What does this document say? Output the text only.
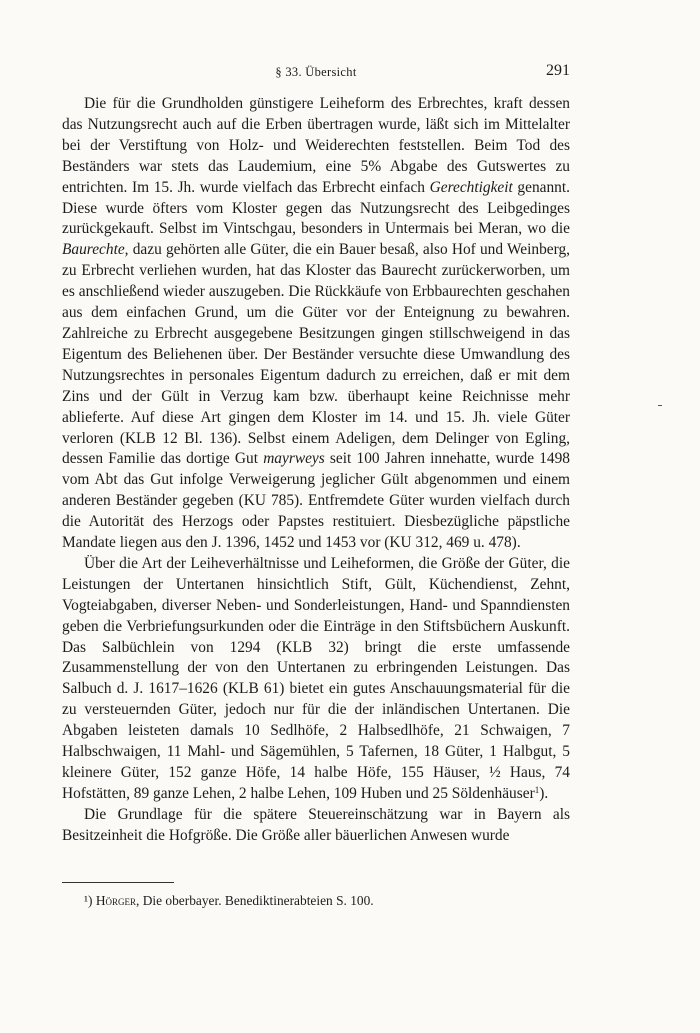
§ 33. Übersicht	291

Die für die Grundholden günstigere Leiheform des Erbrechtes, kraft dessen das Nutzungsrecht auch auf die Erben übertragen wurde, läßt sich im Mittelalter bei der Verstiftung von Holz- und Weiderechten feststellen. Beim Tod des Beständers war stets das Laudemium, eine 5% Abgabe des Gutswertes zu entrichten. Im 15. Jh. wurde vielfach das Erbrecht einfach Gerechtigkeit genannt. Diese wurde öfters vom Kloster gegen das Nutzungsrecht des Leibgedinges zurückgekauft. Selbst im Vintschgau, besonders in Untermais bei Meran, wo die Baurechte, dazu gehörten alle Güter, die ein Bauer besaß, also Hof und Weinberg, zu Erbrecht verliehen wurden, hat das Kloster das Baurecht zurückerworben, um es anschließend wieder auszugeben. Die Rückkäufe von Erbbaurechten geschahen aus dem einfachen Grund, um die Güter vor der Enteignung zu bewahren. Zahlreiche zu Erbrecht ausgegebene Besitzungen gingen stillschweigend in das Eigentum des Beliehenen über. Der Beständer versuchte diese Umwandlung des Nutzungsrechtes in personales Eigentum dadurch zu erreichen, daß er mit dem Zins und der Gült in Verzug kam bzw. überhaupt keine Reichnisse mehr ablieferte. Auf diese Art gingen dem Kloster im 14. und 15. Jh. viele Güter verloren (KLB 12 Bl. 136). Selbst einem Adeligen, dem Delinger von Egling, dessen Familie das dortige Gut mayrweys seit 100 Jahren innehatte, wurde 1498 vom Abt das Gut infolge Verweigerung jeglicher Gült abgenommen und einem anderen Beständer gegeben (KU 785). Entfremdete Güter wurden vielfach durch die Autorität des Herzogs oder Papstes restituiert. Diesbezügliche päpstliche Mandate liegen aus den J. 1396, 1452 und 1453 vor (KU 312, 469 u. 478).

Über die Art der Leiheverhältnisse und Leiheformen, die Größe der Güter, die Leistungen der Untertanen hinsichtlich Stift, Gült, Küchendienst, Zehnt, Vogteiabgaben, diverser Neben- und Sonderleistungen, Hand- und Spanndiensten geben die Verbriefungsurkunden oder die Einträge in den Stiftsbüchern Auskunft. Das Salbüchlein von 1294 (KLB 32) bringt die erste umfassende Zusammenstellung der von den Untertanen zu erbringenden Leistungen. Das Salbuch d. J. 1617–1626 (KLB 61) bietet ein gutes Anschauungsmaterial für die zu versteuernden Güter, jedoch nur für die der inländischen Untertanen. Die Abgaben leisteten damals 10 Sedlhöfe, 2 Halbsedlhöfe, 21 Schwaigen, 7 Halbschwaigen, 11 Mahl- und Sägemühlen, 5 Tafernen, 18 Güter, 1 Halbgut, 5 kleinere Güter, 152 ganze Höfe, 14 halbe Höfe, 155 Häuser, ½ Haus, 74 Hofstätten, 89 ganze Lehen, 2 halbe Lehen, 109 Huben und 25 Söldenhäuser$^1$).

Die Grundlage für die spätere Steuereinschätzung war in Bayern als Besitzeinheit die Hofgröße. Die Größe aller bäuerlichen Anwesen wurde

¹) Hörger, Die oberbayer. Benediktinerabteien S. 100.
